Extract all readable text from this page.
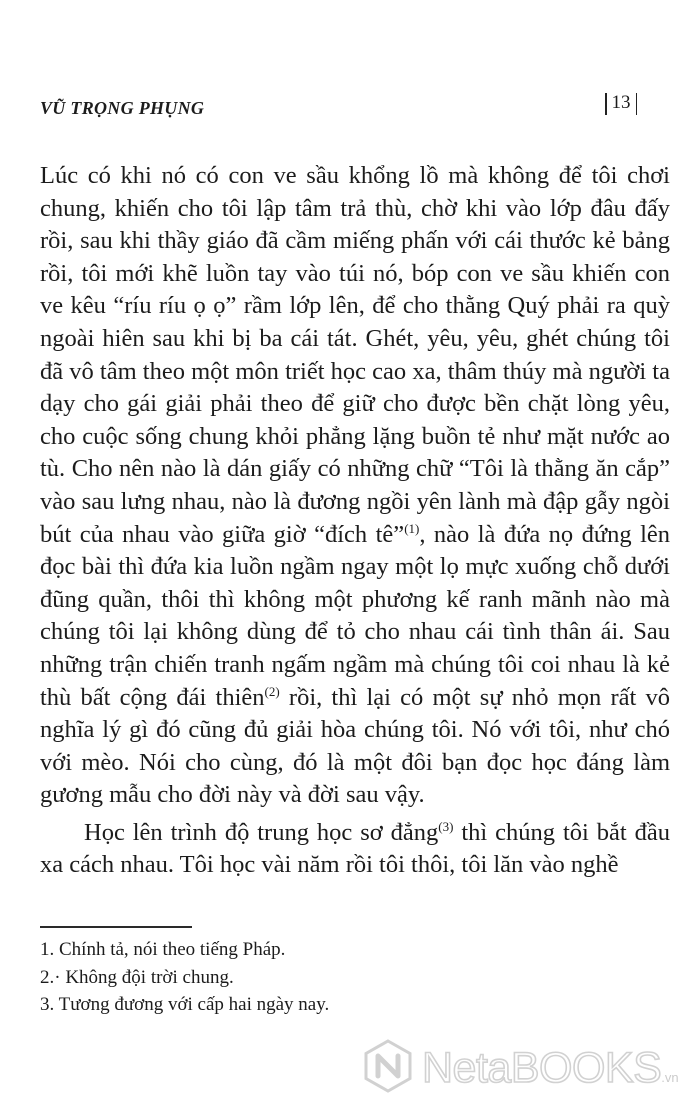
VŨ TRỌNG PHỤNG	13

Lúc có khi nó có con ve sầu khổng lồ mà không để tôi chơi chung, khiến cho tôi lập tâm trả thù, chờ khi vào lớp đâu đấy rồi, sau khi thầy giáo đã cầm miếng phấn với cái thước kẻ bảng rồi, tôi mới khẽ luồn tay vào túi nó, bóp con ve sầu khiến con ve kêu “ríu ríu ọ ọ” rầm lớp lên, để cho thằng Quý phải ra quỳ ngoài hiên sau khi bị ba cái tát. Ghét, yêu, yêu, ghét chúng tôi đã vô tâm theo một môn triết học cao xa, thâm thúy mà người ta dạy cho gái giải phải theo để giữ cho được bền chặt lòng yêu, cho cuộc sống chung khỏi phẳng lặng buồn tẻ như mặt nước ao tù. Cho nên nào là dán giấy có những chữ “Tôi là thằng ăn cắp” vào sau lưng nhau, nào là đương ngồi yên lành mà đập gẫy ngòi bút của nhau vào giữa giờ “đích tê”$^{(1)}$, nào là đứa nọ đứng lên đọc bài thì đứa kia luồn ngầm ngay một lọ mực xuống chỗ dưới đũng quần, thôi thì không một phương kế ranh mãnh nào mà chúng tôi lại không dùng để tỏ cho nhau cái tình thân ái. Sau những trận chiến tranh ngấm ngầm mà chúng tôi coi nhau là kẻ thù bất cộng đái thiên$^{(2)}$ rồi, thì lại có một sự nhỏ mọn rất vô nghĩa lý gì đó cũng đủ giải hòa chúng tôi. Nó với tôi, như chó với mèo. Nói cho cùng, đó là một đôi bạn đọc học đáng làm gương mẫu cho đời này và đời sau vậy.

Học lên trình độ trung học sơ đẳng$^{(3)}$ thì chúng tôi bắt đầu xa cách nhau. Tôi học vài năm rồi tôi thôi, tôi lăn vào nghề

1. Chính tả, nói theo tiếng Pháp.

2.· Không đội trời chung.

3. Tương đương với cấp hai ngày nay.

NetaBOOKS.vn
